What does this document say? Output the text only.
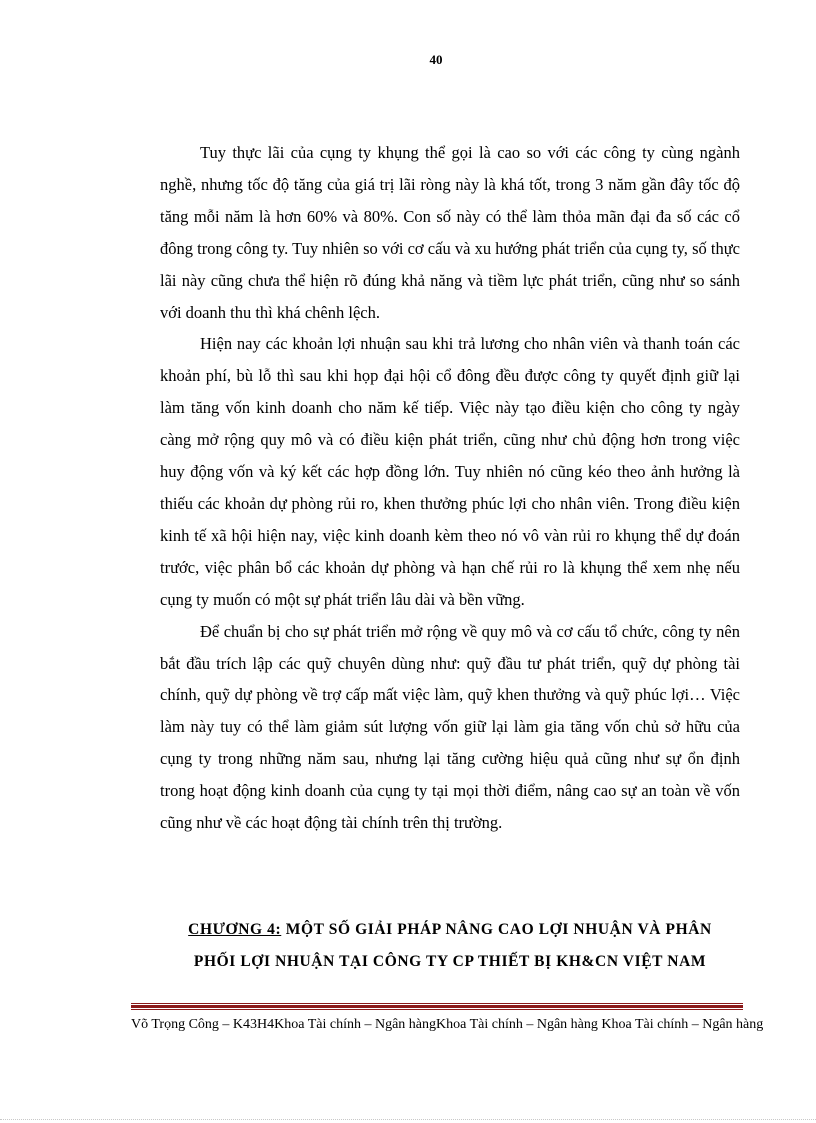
40

Tuy thực lãi của cụng ty khụng thể gọi là cao so với các công ty cùng ngành nghề, nhưng tốc độ tăng của giá trị lãi ròng này là khá tốt, trong 3 năm gần đây tốc độ tăng mỗi năm là hơn 60% và 80%. Con số này có thể làm thỏa mãn đại đa số các cổ đông trong công ty. Tuy nhiên so với cơ cấu và xu hướng phát triển của cụng ty, số thực lãi này cũng chưa thể hiện rõ đúng khả năng và tiềm lực phát triển, cũng như so sánh với doanh thu thì khá chênh lệch.

Hiện nay các khoản lợi nhuận sau khi trả lương cho nhân viên và thanh toán các khoản phí, bù lỗ thì sau khi họp đại hội cổ đông đều được công ty quyết định giữ lại làm tăng vốn kinh doanh cho năm kế tiếp. Việc này tạo điều kiện cho công ty ngày càng mở rộng quy mô và có điều kiện phát triển, cũng như chủ động hơn trong việc huy động vốn và ký kết các hợp đồng lớn. Tuy nhiên nó cũng kéo theo ảnh hưởng là thiếu các khoản dự phòng rủi ro, khen thưởng phúc lợi cho nhân viên. Trong điều kiện kinh tế xã hội hiện nay, việc kinh doanh kèm theo nó vô vàn rủi ro khụng thể dự đoán trước, việc phân bổ các khoản dự phòng và hạn chế rủi ro là khụng thể xem nhẹ nếu cụng ty muốn có một sự phát triển lâu dài và bền vững.

Để chuẩn bị cho sự phát triển mở rộng về quy mô và cơ cấu tổ chức, công ty nên bắt đầu trích lập các quỹ chuyên dùng như: quỹ đầu tư phát triển, quỹ dự phòng tài chính, quỹ dự phòng về trợ cấp mất việc làm, quỹ khen thưởng và quỹ phúc lợi… Việc làm này tuy có thể làm giảm sút lượng vốn giữ lại làm gia tăng vốn chủ sở hữu của cụng ty trong những năm sau, nhưng lại tăng cường hiệu quả cũng như sự ổn định trong hoạt động kinh doanh của cụng ty tại mọi thời điểm, nâng cao sự an toàn về vốn cũng như về các hoạt động tài chính trên thị trường.

CHƯƠNG 4: MỘT SỐ GIẢI PHÁP NÂNG CAO LỢI NHUẬN VÀ PHÂN
PHỐI LỢI NHUẬN TẠI CÔNG TY CP THIẾT BỊ KH&CN VIỆT NAM
Võ Trọng Công – K43H4Khoa Tài chính – Ngân hàngKhoa Tài chính – Ngân hàng Khoa Tài chính – Ngân hàng
